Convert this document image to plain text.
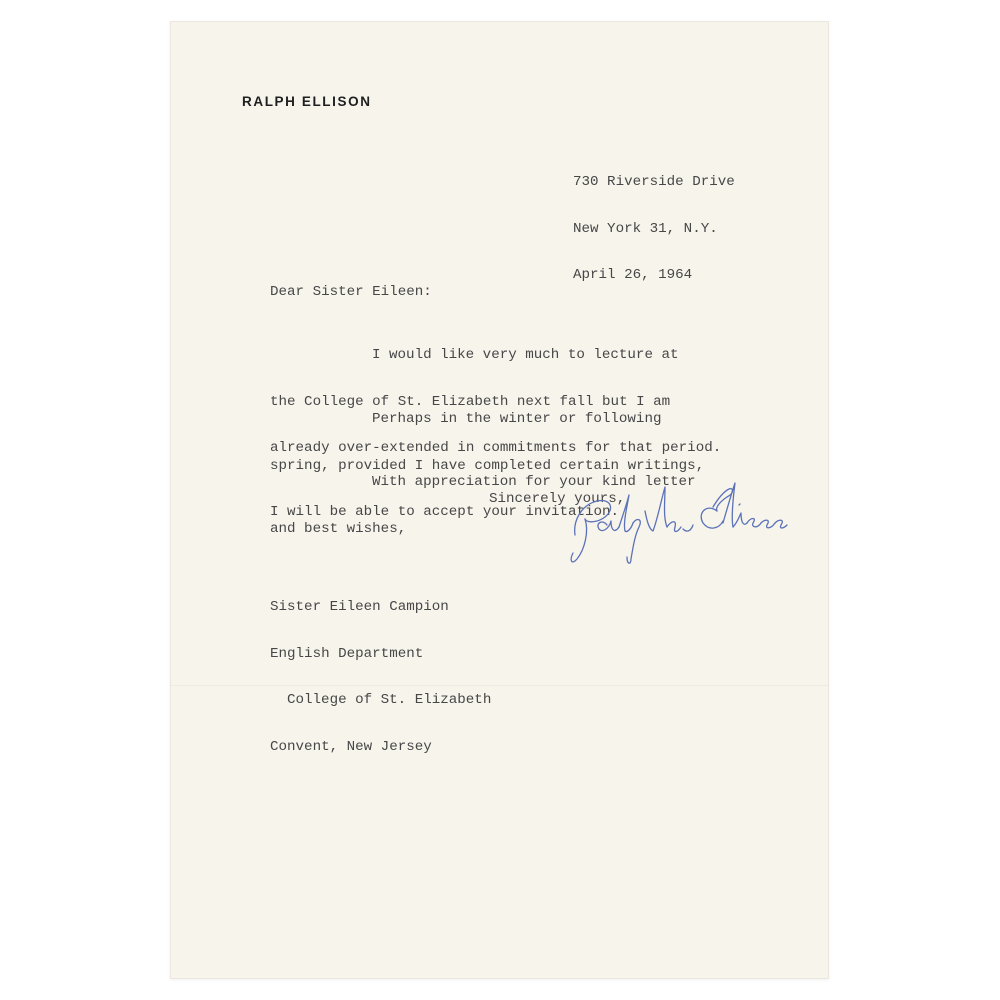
RALPH ELLISON

730 Riverside Drive

New York 31, N.Y.

April 26, 1964

Dear Sister Eileen:

I would like very much to lecture at

the College of St. Elizabeth next fall but I am

already over-extended in commitments for that period.

Perhaps in the winter or following

spring, provided I have completed certain writings,

I will be able to accept your invitation.

With appreciation for your kind letter

and best wishes,

Sincerely yours,

Sister Eileen Campion

English Department

College of St. Elizabeth

Convent, New Jersey
